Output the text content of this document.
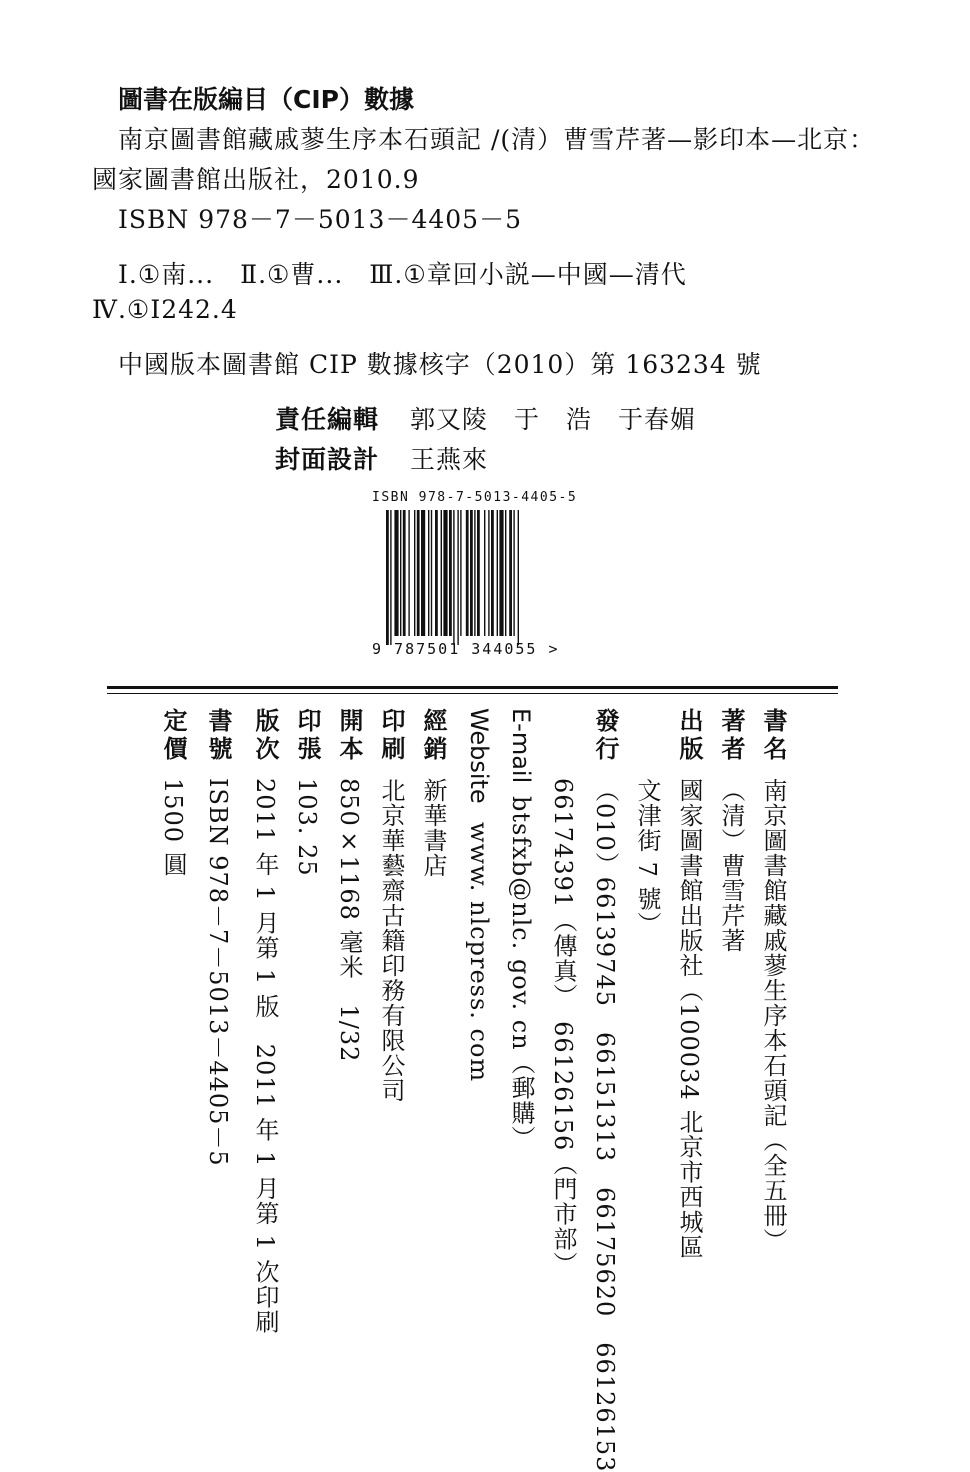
圖書在版編目（CIP）數據
南京圖書館藏戚蓼生序本石頭記 /(清）曹雪芹著—影印本—北京：
國家圖書館出版社，2010.9
ISBN 978－7－5013－4405－5
Ⅰ.①南...　Ⅱ.①曹...　Ⅲ.①章回小説—中國—清代
Ⅳ.①I242.4
中國版本圖書館 CIP 數據核字（2010）第 163234 號
責任編輯 郭又陵　于　浩　于春媚
封面設計 王燕來
ISBN 978-7-5013-4405-5
9 787501 344055 >
書名南京圖書館藏戚蓼生序本石頭記（全五冊）
著者（清）曹雪芹著
出版國家圖書館出版社（100034 北京市西城區
文津街 7 號）
發行（010）66139745　66151313　66175620　66126153
66174391（傳真）　66126156（門市部）
E-mailbtsfxb@nlc. gov. cn（郵購）
Websitewww. nlcpress. com
經銷新華書店
印刷北京華藝齋古籍印務有限公司
開本850×1168 毫米　1/32
印張103. 25
版次2011 年 1 月第 1 版　2011 年 1 月第 1 次印刷
書號ISBN 978－7－5013－4405－5
定價1500 圓
